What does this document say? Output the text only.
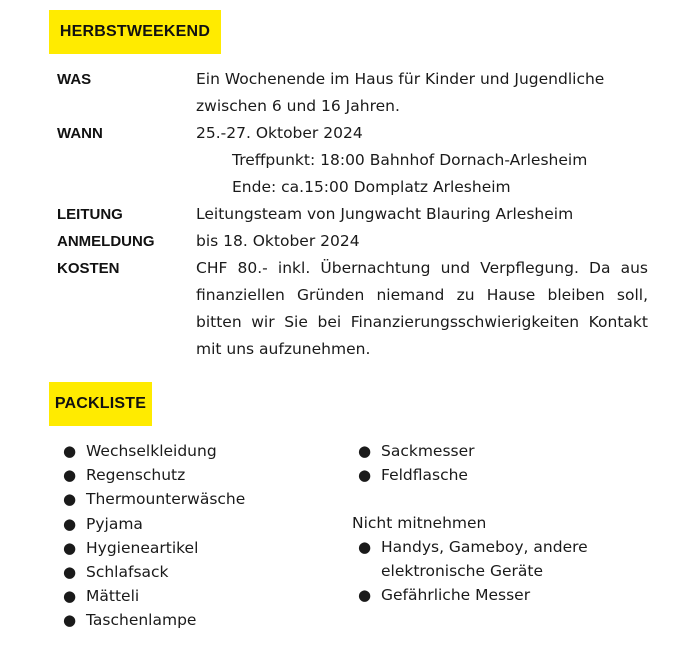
HERBSTWEEKEND
WAS	Ein Wochenende im Haus für Kinder und Jugendliche zwischen 6 und 16 Jahren.
WANN	25.-27. Oktober 2024
Treffpunkt: 18:00 Bahnhof Dornach-Arlesheim
Ende: ca.15:00 Domplatz Arlesheim
LEITUNG	Leitungsteam von Jungwacht Blauring Arlesheim
ANMELDUNG	bis 18. Oktober 2024
KOSTEN	CHF 80.- inkl. Übernachtung und Verpflegung. Da aus finanziellen Gründen niemand zu Hause bleiben soll, bitten wir Sie bei Finanzierungsschwierigkeiten Kontakt mit uns aufzunehmen.
PACKLISTE
● Wechselkleidung
● Regenschutz
● Thermounterwäsche
● Pyjama
● Hygieneartikel
● Schlafsack
● Mätteli
● Taschenlampe
● Sackmesser
● Feldflasche
Nicht mitnehmen
● Handys, Gameboy, andere elektronische Geräte
● Gefährliche Messer
